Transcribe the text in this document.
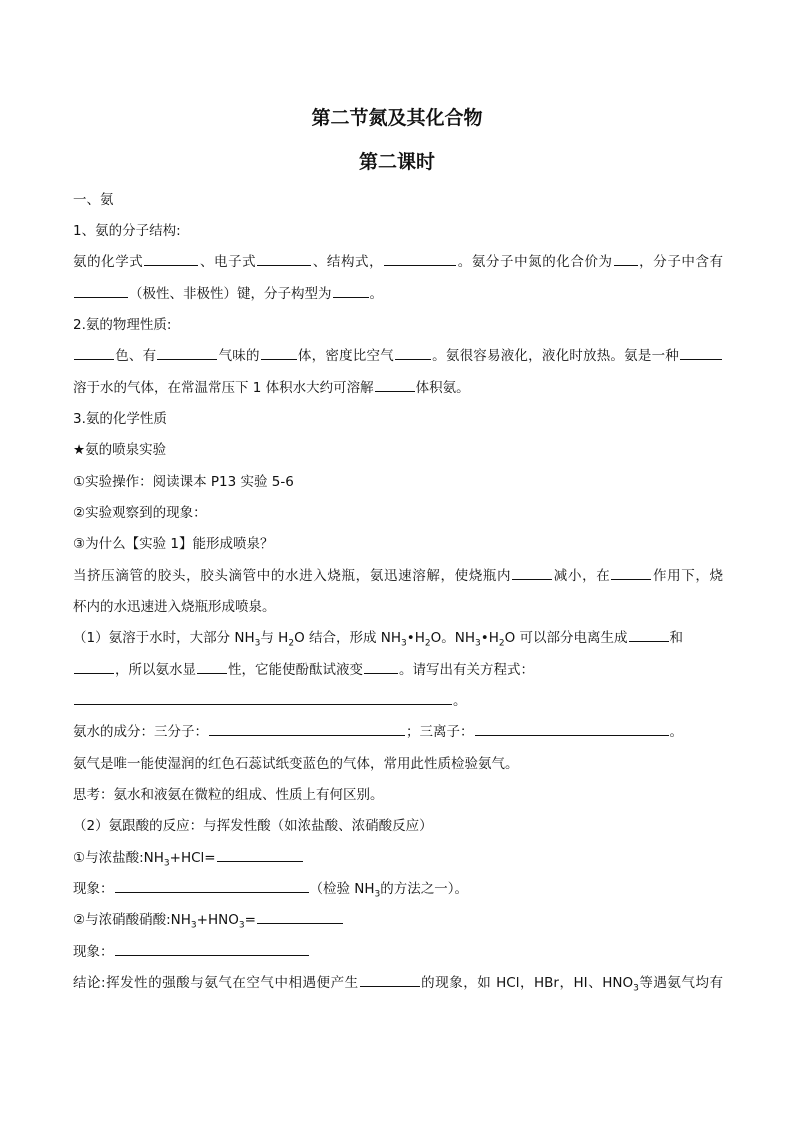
第二节氮及其化合物
第二课时
一、氨
1、氨的分子结构:
氨的化学式	、电子式	、结构式，	。氨分子中氮的化合价为 ，分子中含有
（极性、非极性）键，分子构型为	。
2.氨的物理性质:
色、有	气味的	体，密度比空气	。氨很容易液化，液化时放热。氨是一种
溶于水的气体，在常温常压下 1 体积水大约可溶解	体积氨。
3.氨的化学性质
★氨的喷泉实验
①实验操作：阅读课本 P13 实验 5-6
②实验观察到的现象：
③为什么【实验 1】能形成喷泉？
当挤压滴管的胶头，胶头滴管中的水进入烧瓶，氨迅速溶解，使烧瓶内	减小，在	作用下，烧
杯内的水迅速进入烧瓶形成喷泉。
（1）氨溶于水时，大部分 $NH_3$与 $H_2O$ 结合，形成 $NH_3•H_2O$。$NH_3•H_2O$ 可以部分电离生成	和
，所以氨水显 性，它能使酚酞试液变	。请写出有关方程式：
。
氨水的成分：三分子：	；三离子：	。
氨气是唯一能使湿润的红色石蕊试纸变蓝色的气体，常用此性质检验氨气。
思考：氨水和液氨在微粒的组成、性质上有何区别。
（2）氨跟酸的反应：与挥发性酸（如浓盐酸、浓硝酸反应）
①与浓盐酸$:NH_3+HCl=$
现象：	（检验 $NH_3$的方法之一）。
②与浓硝酸硝酸$:NH_3+HNO_3=$
现象：
结论:挥发性的强酸与氨气在空气中相遇便产生	的现象，如 HCl，HBr，HI、$HNO_3$等遇氨气均有
